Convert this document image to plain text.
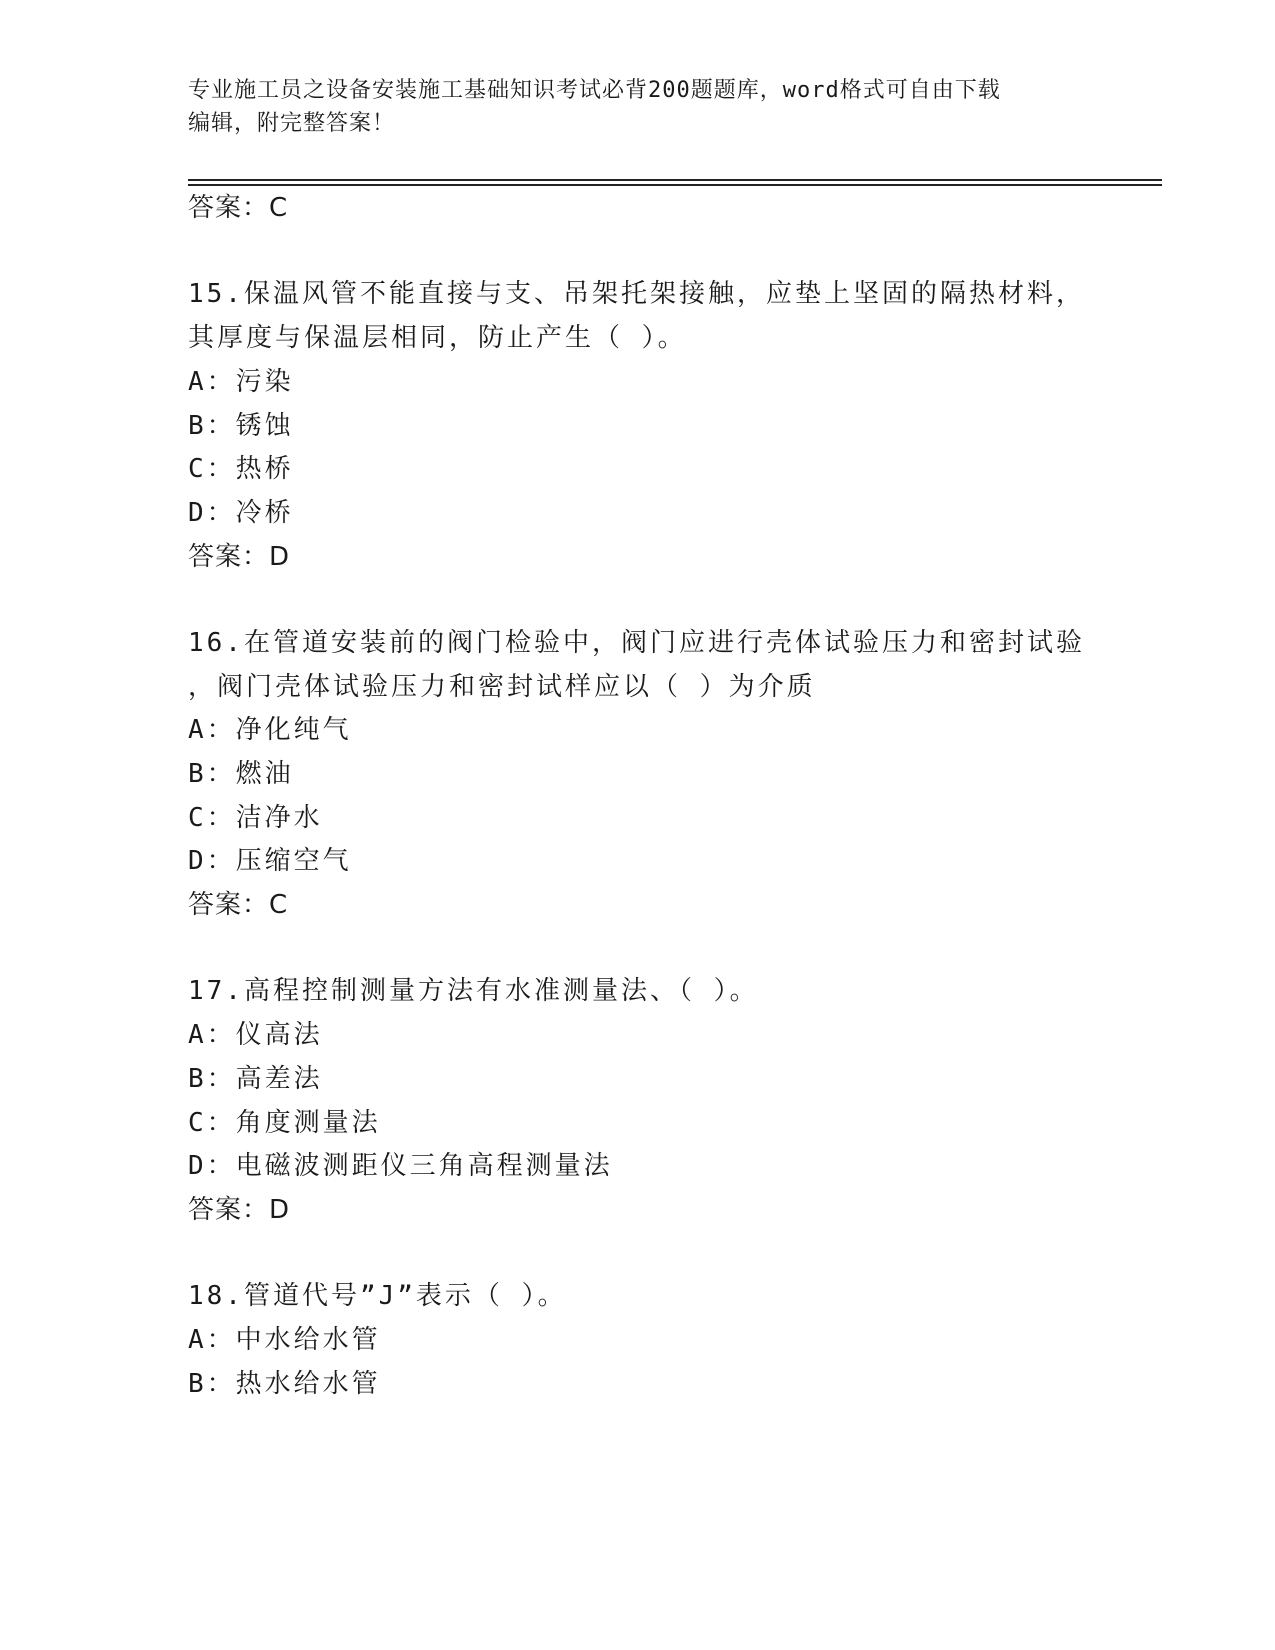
专业施工员之设备安装施工基础知识考试必背200题题库，word格式可自由下载
编辑，附完整答案！
答案：C
15.保温风管不能直接与支、吊架托架接触，应垫上坚固的隔热材料，
其厚度与保温层相同，防止产生（ ）。
A：污染
B：锈蚀
C：热桥
D：冷桥
答案：D
16.在管道安装前的阀门检验中，阀门应进行壳体试验压力和密封试验
，阀门壳体试验压力和密封试样应以（ ）为介质
A：净化纯气
B：燃油
C：洁净水
D：压缩空气
答案：C
17.高程控制测量方法有水准测量法、（ ）。
A：仪高法
B：高差法
C：角度测量法
D：电磁波测距仪三角高程测量法
答案：D
18.管道代号”J”表示（ ）。
A：中水给水管
B：热水给水管
